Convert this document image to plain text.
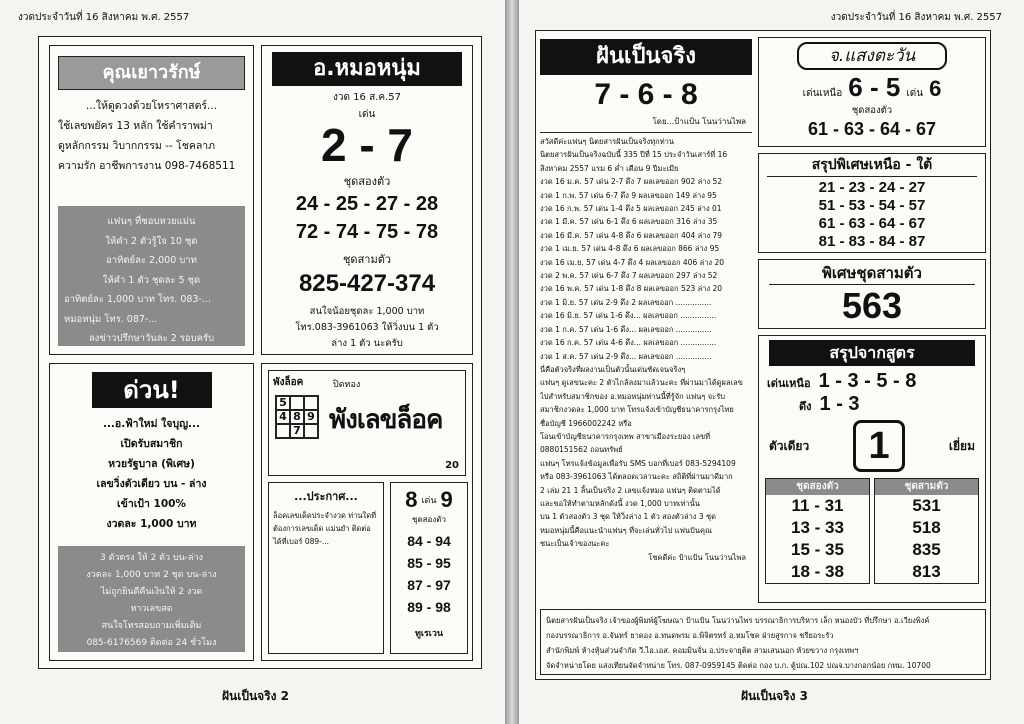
งวดประจำวันที่ 16 สิงหาคม พ.ศ. 2557
คุณเยาวรักษ์
...ให้ดูดวงด้วยโหราศาสตร์...
ใช้เลขพยัคร 13 หลัก ใช้คำราพม่า
ดูหลักกรรม วิบากกรรม -- โชคลาภ
ความรัก อาชีพการงาน 098-7468511
แฟนๆ ที่ชอบหวยแม่น
ให้คำ 2 ตัวรู้ใจ 10 ชุด
อาทิตย์ละ 2,000 บาท
ให้คำ 1 ตัว ชุดละ 5 ชุด
อาทิตย์ละ 1,000 บาท โทร. 083-...
หมอหนุ่ม โทร. 087-...
ลงข่าวปรึกษาวันละ 2 รอบครับ
อ.หมอหนุ่ม
งวด 16 ส.ค.57
เด่น
2 - 7
ชุดสองตัว
24 - 25 - 27 - 28
72 - 74 - 75 - 78
ชุดสามตัว
825-427-374
สนใจน้อยชุดละ 1,000 บาท
โทร.083-3961063 ให้วิ่งบน 1 ตัว
ล่าง 1 ตัว นะครับ
ด่วน!
...อ.ฟ้าใหม่ ใจบุญ...
เปิดรับสมาชิก
หวยรัฐบาล (พิเศษ)
เลขวิ่งตัวเดียว บน - ล่าง
เข้าเป้า 100%
งวดละ 1,000 บาท
3 ตัวตรง ให้ 2 ตัว บน-ล่าง
งวดละ 1,000 บาท 2 ชุด บน-ล่าง
ไม่ถูกยินดีคืนเงินให้ 2 งวด
หาวเลขสด
สนใจโทรสอบถามเพิ่มเติม
085-6176569 ติดต่อ 24 ชั่วโมง
พังล็อค
5
4 8 9
7
ปิดทอง
พังเลขล็อค
20
...ประกาศ...
ล็อคเลขเด็ดประจำงวด ท่านใดที่ต้องการเลขเด็ด แม่นยำ ติดต่อได้ที่เบอร์ 089-...
8 เด่น 9
ชุดสองตัว
84 - 94
85 - 95
87 - 97
89 - 98
ทูเรเวน
ฝันเป็นจริง 2
งวดประจำวันที่ 16 สิงหาคม พ.ศ. 2557
ฝันเป็นจริง
7 - 6 - 8
โดย...ป้าแป้น โนนว่านไพล
สวัสดีค่ะแฟนๆ นิตยสารฝันเป็นจริงทุกท่าน
นิตยสารฝันเป็นจริงฉบับนี้ 335 ปีที่ 15 ประจำวันเสาร์ที่ 16
สิงหาคม 2557 แรม 6 ค่ำ เดือน 9 ปีมะเมีย
งวด 16 ม.ค. 57 เด่น 2-7 ดึง 7 ผลเลขออก 902 ล่าง 52
งวด 1 ก.พ. 57 เด่น 6-7 ดึง 9 ผลเลขออก 149 ล่าง 95
งวด 16 ก.พ. 57 เด่น 1-4 ดึง 5 ผลเลขออก 245 ล่าง 01
งวด 1 มี.ค. 57 เด่น 6-1 ดึง 6 ผลเลขออก 316 ล่าง 35
งวด 16 มี.ค. 57 เด่น 4-8 ดึง 6 ผลเลขออก 404 ล่าง 79
งวด 1 เม.ย. 57 เด่น 4-8 ดึง 6 ผลเลขออก 866 ล่าง 95
งวด 16 เม.ย. 57 เด่น 4-7 ดึง 4 ผลเลขออก 406 ล่าง 20
งวด 2 พ.ค. 57 เด่น 6-7 ดึง 7 ผลเลขออก 297 ล่าง 52
งวด 16 พ.ค. 57 เด่น 1-8 ดึง 8 ผลเลขออก 523 ล่าง 20
งวด 1 มิ.ย. 57 เด่น 2-9 ดึง 2 ผลเลขออก ...............
งวด 16 มิ.ย. 57 เด่น 1-6 ดึง... ผลเลขออก ...............
งวด 1 ก.ค. 57 เด่น 1-6 ดึง... ผลเลขออก ...............
งวด 16 ก.ค. 57 เด่น 4-6 ดึง... ผลเลขออก ...............
งวด 1 ส.ค. 57 เด่น 2-9 ดึง... ผลเลขออก ...............
นี่คือตัวจริงที่ผลงานเป็นตัวนั้นเด่นชัดเจนจริงๆ
แฟนๆ ดูเลขนะคะ 2 ตัวไกล้ลงมาแล้วนะคะ ที่ผ่านมาได้ดูผลเลข
ไปสำหรับสมาชิกของ อ.หมอหนุ่มท่านนี้ที่รู้จัก แฟนๆ จะรับ
สมาชิกงวดละ 1,000 บาท โทรแจ้งเข้าบัญชีธนาคารกรุงไทย
ชื่อบัญชี 1966002242 หรือ
โอนเข้าบัญชีธนาคารกรุงเทพ สาขาเมืองระยอง เลขที่
0880151562 ถอนทรัพย์
แฟนๆ โทรแจ้งข้อมูลเพื่อรับ SMS บอกที่เบอร์ 083-5294109
หรือ 083-3961063 ได้ตลอดเวลานะคะ สถิติที่ผ่านมาดีมาก
2 เล่ม 21 1 ลิ้นเป็นจริง 2 เลขแจ้งหมอ แฟนๆ ติดตามได้
และขอให้ทำตามหลักดังนี้ งวด 1,000 บาทเท่านั้น
บน 1 ตัวสองตัว 3 ชุด ให้วิ่งล่าง 1 ตัว สองตัวล่าง 3 ชุด
หมอหนุ่มนี้คือแนะนำแฟนๆ ที่จะเล่นทั่วไป แฟนปันคุณ
ชนะเป็นเจ้าของนะคะ
โชคดีค่ะ ป้าแป้น โนนว่านไพล
จ.แสงตะวัน
เด่นเหนือ 6 - 5 เด่น 6
ชุดสองตัว
61 - 63 - 64 - 67
สรุปพิเศษเหนือ - ใต้
21 - 23 - 24 - 27
51 - 53 - 54 - 57
61 - 63 - 64 - 67
81 - 83 - 84 - 87
พิเศษชุดสามตัว
563
สรุปจากสูตร
เด่นเหนือ 1 - 3 - 5 - 8
ดึง 1 - 3
ตัวเดียว	1	เยี่ยม
ชุดสองตัว
11 - 31
13 - 33
15 - 35
18 - 38
ชุดสามตัว
531
518
835
813
นิตยสารฝันเป็นจริง เจ้าของผู้พิมพ์ผู้โฆษณา ป้าแป้น โนนว่านไพร บรรณาธิการบริหาร เล็ก หนองบัว ที่ปรึกษา อ.เวียงพิงค์
กองบรรณาธิการ อ.จันทร์ ยาดอง อ.ทนดพรม อ.พิจิตรทร์ อ.หมโชค ฝ่ายสูรกาจ ชรียอระรัว
สำนักพิมพ์ ห้างหุ้นส่วนจำกัด วี.ไอ.เอส. คอมมินจั่น อ.ประจายุติต สามเสนนอก ห้วยขวาง กรุงเทพฯ
จัดจำหน่ายโดย แสงเทียนจัดจำหน่าย โทร. 087-0959145 ติดต่อ กอง บ.ก. ตู้ปณ.102 ปณจ.บางกอกน้อย กทม. 10700
ฝันเป็นจริง 3
